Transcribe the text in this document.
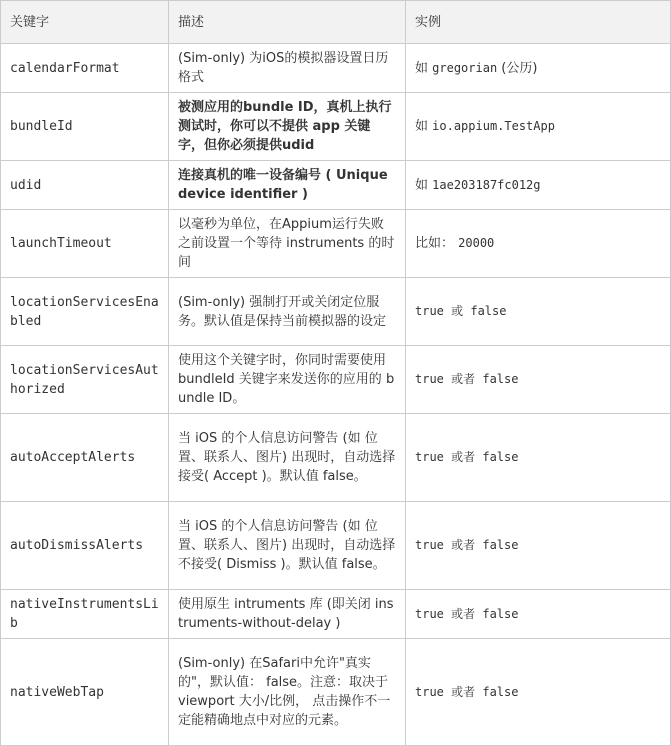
关键字	描述	实例
calendarFormat	(Sim-only) 为iOS的模拟器设置日历格式	如 gregorian (公历)
bundleId	被测应用的bundle ID，真机上执行测试时，你可以不提供 app 关键字，但你必须提供udid	如 io.appium.TestApp
udid	连接真机的唯一设备编号 ( Unique device identifier )	如 1ae203187fc012g
launchTimeout	以毫秒为单位，在Appium运行失败之前设置一个等待 instruments 的时间	比如： 20000
locationServicesEnabled	(Sim-only) 强制打开或关闭定位服务。默认值是保持当前模拟器的设定	true 或 false
locationServicesAuthorized	使用这个关键字时，你同时需要使用 bundleId 关键字来发送你的应用的 bundle ID。	true 或者 false
autoAcceptAlerts	当 iOS 的个人信息访问警告 (如 位置、联系人、图片) 出现时，自动选择接受( Accept )。默认值 false。	true 或者 false
autoDismissAlerts	当 iOS 的个人信息访问警告 (如 位置、联系人、图片) 出现时，自动选择不接受( Dismiss )。默认值 false。	true 或者 false
nativeInstrumentsLib	使用原生 intruments 库 (即关闭 instruments-without-delay )	true 或者 false
nativeWebTap	(Sim-only) 在Safari中允许"真实的"，默认值： false。注意：取决于 viewport 大小/比例， 点击操作不一定能精确地点中对应的元素。	true 或者 false
